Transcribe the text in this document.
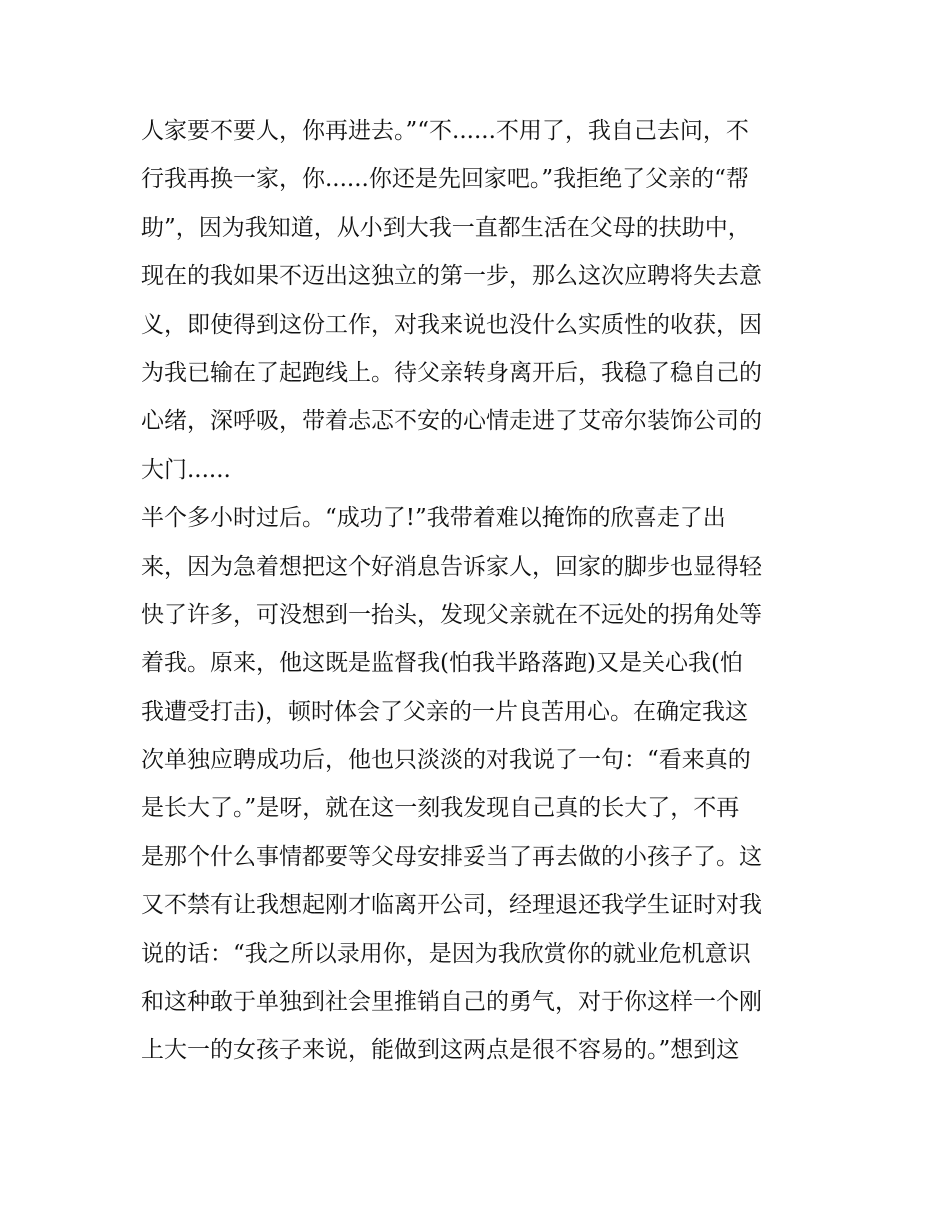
人家要不要人，你再进去。”“不......不用了，我自己去问，不
行我再换一家，你......你还是先回家吧。”我拒绝了父亲的“帮
助”，因为我知道，从小到大我一直都生活在父母的扶助中，
现在的我如果不迈出这独立的第一步，那么这次应聘将失去意
义，即使得到这份工作，对我来说也没什么实质性的收获，因
为我已输在了起跑线上。待父亲转身离开后，我稳了稳自己的
心绪，深呼吸，带着忐忑不安的心情走进了艾帝尔装饰公司的
大门......
半个多小时过后。“成功了!”我带着难以掩饰的欣喜走了出
来，因为急着想把这个好消息告诉家人，回家的脚步也显得轻
快了许多，可没想到一抬头，发现父亲就在不远处的拐角处等
着我。原来，他这既是监督我(怕我半路落跑)又是关心我(怕
我遭受打击)，顿时体会了父亲的一片良苦用心。在确定我这
次单独应聘成功后，他也只淡淡的对我说了一句：“看来真的
是长大了。”是呀，就在这一刻我发现自己真的长大了，不再
是那个什么事情都要等父母安排妥当了再去做的小孩子了。这
又不禁有让我想起刚才临离开公司，经理退还我学生证时对我
说的话：“我之所以录用你，是因为我欣赏你的就业危机意识
和这种敢于单独到社会里推销自己的勇气，对于你这样一个刚
上大一的女孩子来说，能做到这两点是很不容易的。”想到这
